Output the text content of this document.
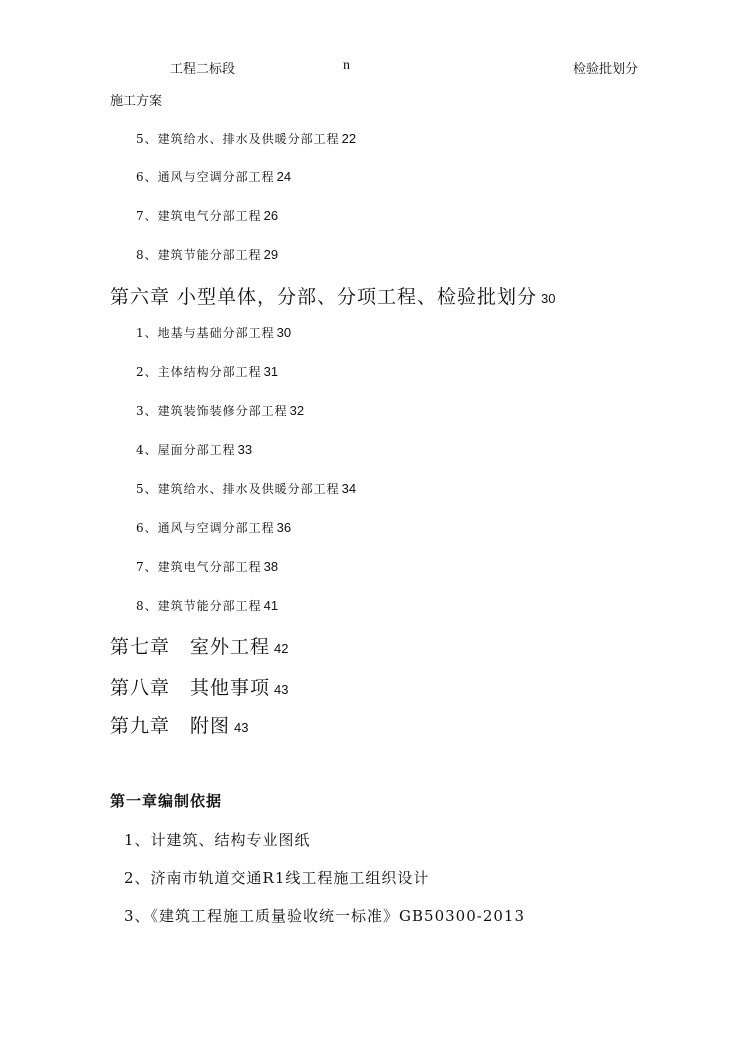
工程二标段	n	检验批划分
施工方案
5、建筑给水、排水及供暖分部工程 22
6、通风与空调分部工程 24
7、建筑电气分部工程 26
8、建筑节能分部工程 29
第六章 小型单体，分部、分项工程、检验批划分 30
1、地基与基础分部工程 30
2、主体结构分部工程 31
3、建筑装饰装修分部工程 32
4、屋面分部工程 33
5、建筑给水、排水及供暖分部工程 34
6、通风与空调分部工程 36
7、建筑电气分部工程 38
8、建筑节能分部工程 41
第七章 室外工程 42
第八章 其他事项 43
第九章 附图 43
第一章编制依据
1、计建筑、结构专业图纸
2、济南市轨道交通R1线工程施工组织设计
3、《建筑工程施工质量验收统一标准》GB50300-2013
